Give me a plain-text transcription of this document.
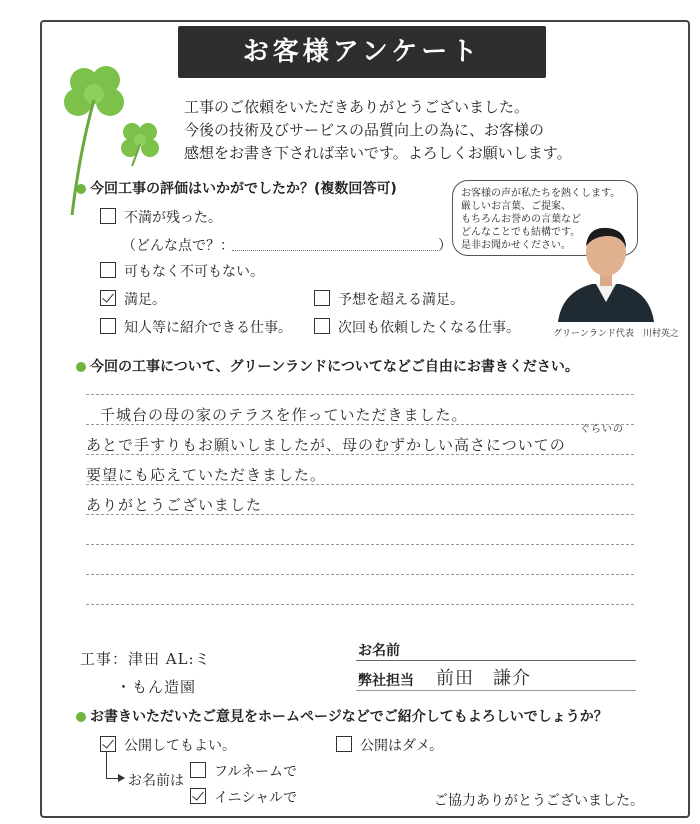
お客様アンケート
工事のご依頼をいただきありがとうございました。
今後の技術及びサービスの品質向上の為に、お客様の
感想をお書き下されば幸いです。よろしくお願いします。
今回工事の評価はいかがでしたか？(複数回答可)
不満が残った。
（どんな点で？：	）
可もなく不可もない。
満足。	予想を超える満足。
知人等に紹介できる仕事。	次回も依頼したくなる仕事。
お客様の声が私たちを熱くします。
厳しいお言葉、ご提案、
もちろんお誉めの言葉など
どんなことでも結構です。
是非お聞かせください。
グリーンランド代表　川村英之
今回の工事について、グリーンランドについてなどご自由にお書きください。
千城台の母の家のテラスを作っていただきました。
あとで手すりもお願いしましたが、母のむずかしい高さについての
ぐらいの
要望にも応えていただきました。
ありがとうございました
工事：津田 AL:ミ
・もん造園
お名前
弊社担当 前田　謙介
お書きいただいたご意見をホームページなどでご紹介してもよろしいでしょうか？
公開してもよい。	公開はダメ。
お名前は
フルネームで
イニシャルで	ご協力ありがとうございました。
